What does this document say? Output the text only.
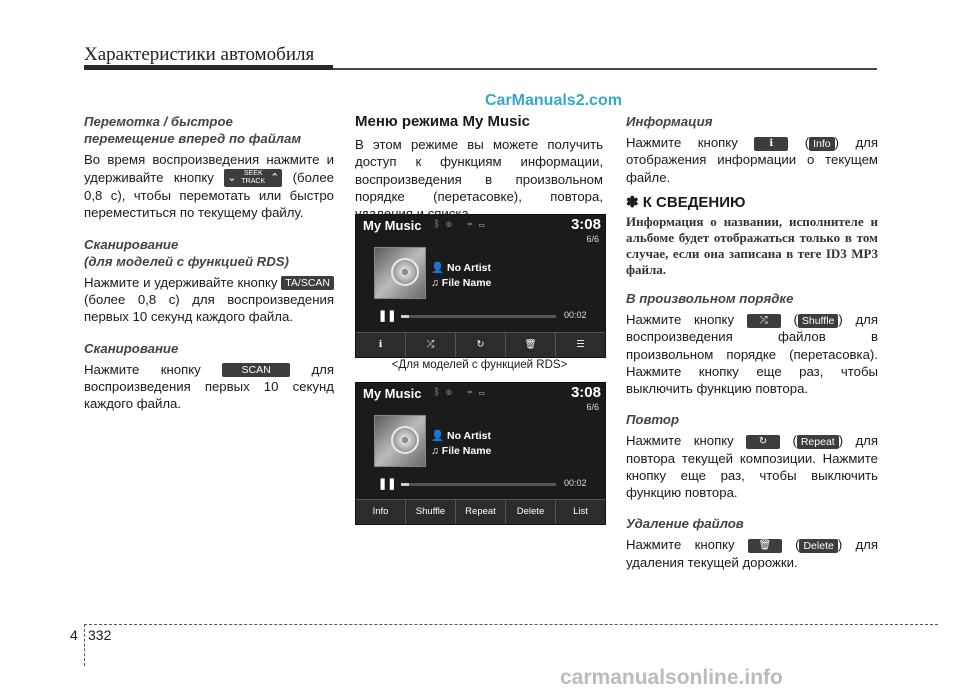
Характеристики автомобиля
CarManuals2.com
Перемотка / быстрое
перемещение вперед по файлам
Во время воспроизведения нажмите и удерживайте кнопку ⌄	SEEK
TRACK ⌃ (более 0,8 с), чтобы перемотать или быстро переместиться по текущему файлу.
Сканирование
(для моделей с функцией RDS)
Нажмите и удерживайте кнопку TA/SCAN (более 0,8 с) для воспроизведения первых 10 секунд каждого файла.
Сканирование
Нажмите кнопку	SCAN	для воспроизведения первых 10 секунд каждого файла.
Меню режима My Music
В этом режиме вы можете получить доступ к функциям информации, воспроизведения в произвольном порядке (перетасовке), повтора,
My Music ᛒ◎ ⇌▭	3:08
6/6
👤 No Artist
♫ File Name
❚❚	00:02
ℹ	⤮	↻	🗑	☰
<Для моделей с функцией RDS>
My Music ᛒ◎ ⇌▭	3:08
6/6
👤 No Artist
♫ File Name
❚❚	00:02
Info	Shuffle	Repeat	Delete	List
Информация
Нажмите кнопку	ℹ	( Info ) для отображения информации о текущем файле.
✽ К СВЕДЕНИЮ
Информация о названии, исполнителе и альбоме будет отображаться только в том случае, если она записана в теге ID3 MP3 файла.
В произвольном порядке
Нажмите кнопку	⤮ ( Shuffle ) для воспроизведения файлов в произвольном порядке (перетасовка). Нажмите кнопку еще раз, чтобы выключить функцию повтора.
Повтор
Нажмите кнопку	↻ ( Repeat ) для повтора текущей композиции. Нажмите кнопку еще раз, чтобы выключить функцию повтора.
Удаление файлов
Нажмите кнопку	🗑 ( Delete ) для удаления текущей дорожки.
4 332
carmanualsonline.info
